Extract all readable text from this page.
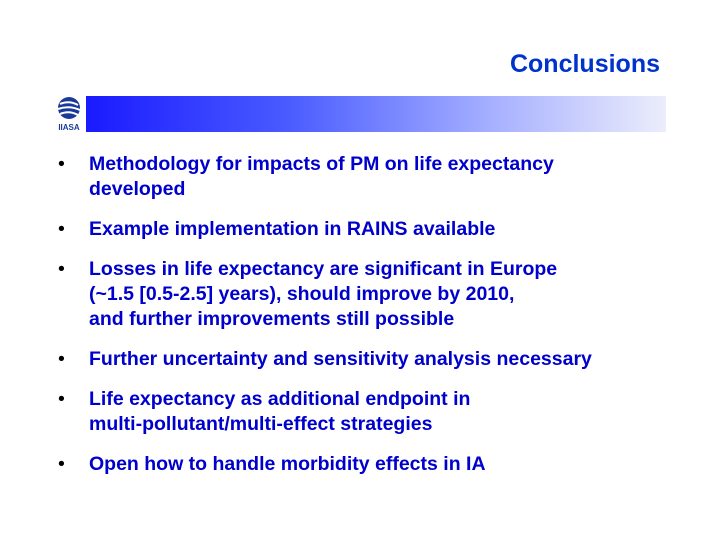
Conclusions
IIASA
• Methodology for impacts of PM on life expectancy
developed
• Example implementation in RAINS available
• Losses in life expectancy are significant in Europe
(~1.5 [0.5-2.5] years), should improve by 2010,
and further improvements still possible
• Further uncertainty and sensitivity analysis necessary
• Life expectancy as additional endpoint in
multi-pollutant/multi-effect strategies
• Open how to handle morbidity effects in IA
